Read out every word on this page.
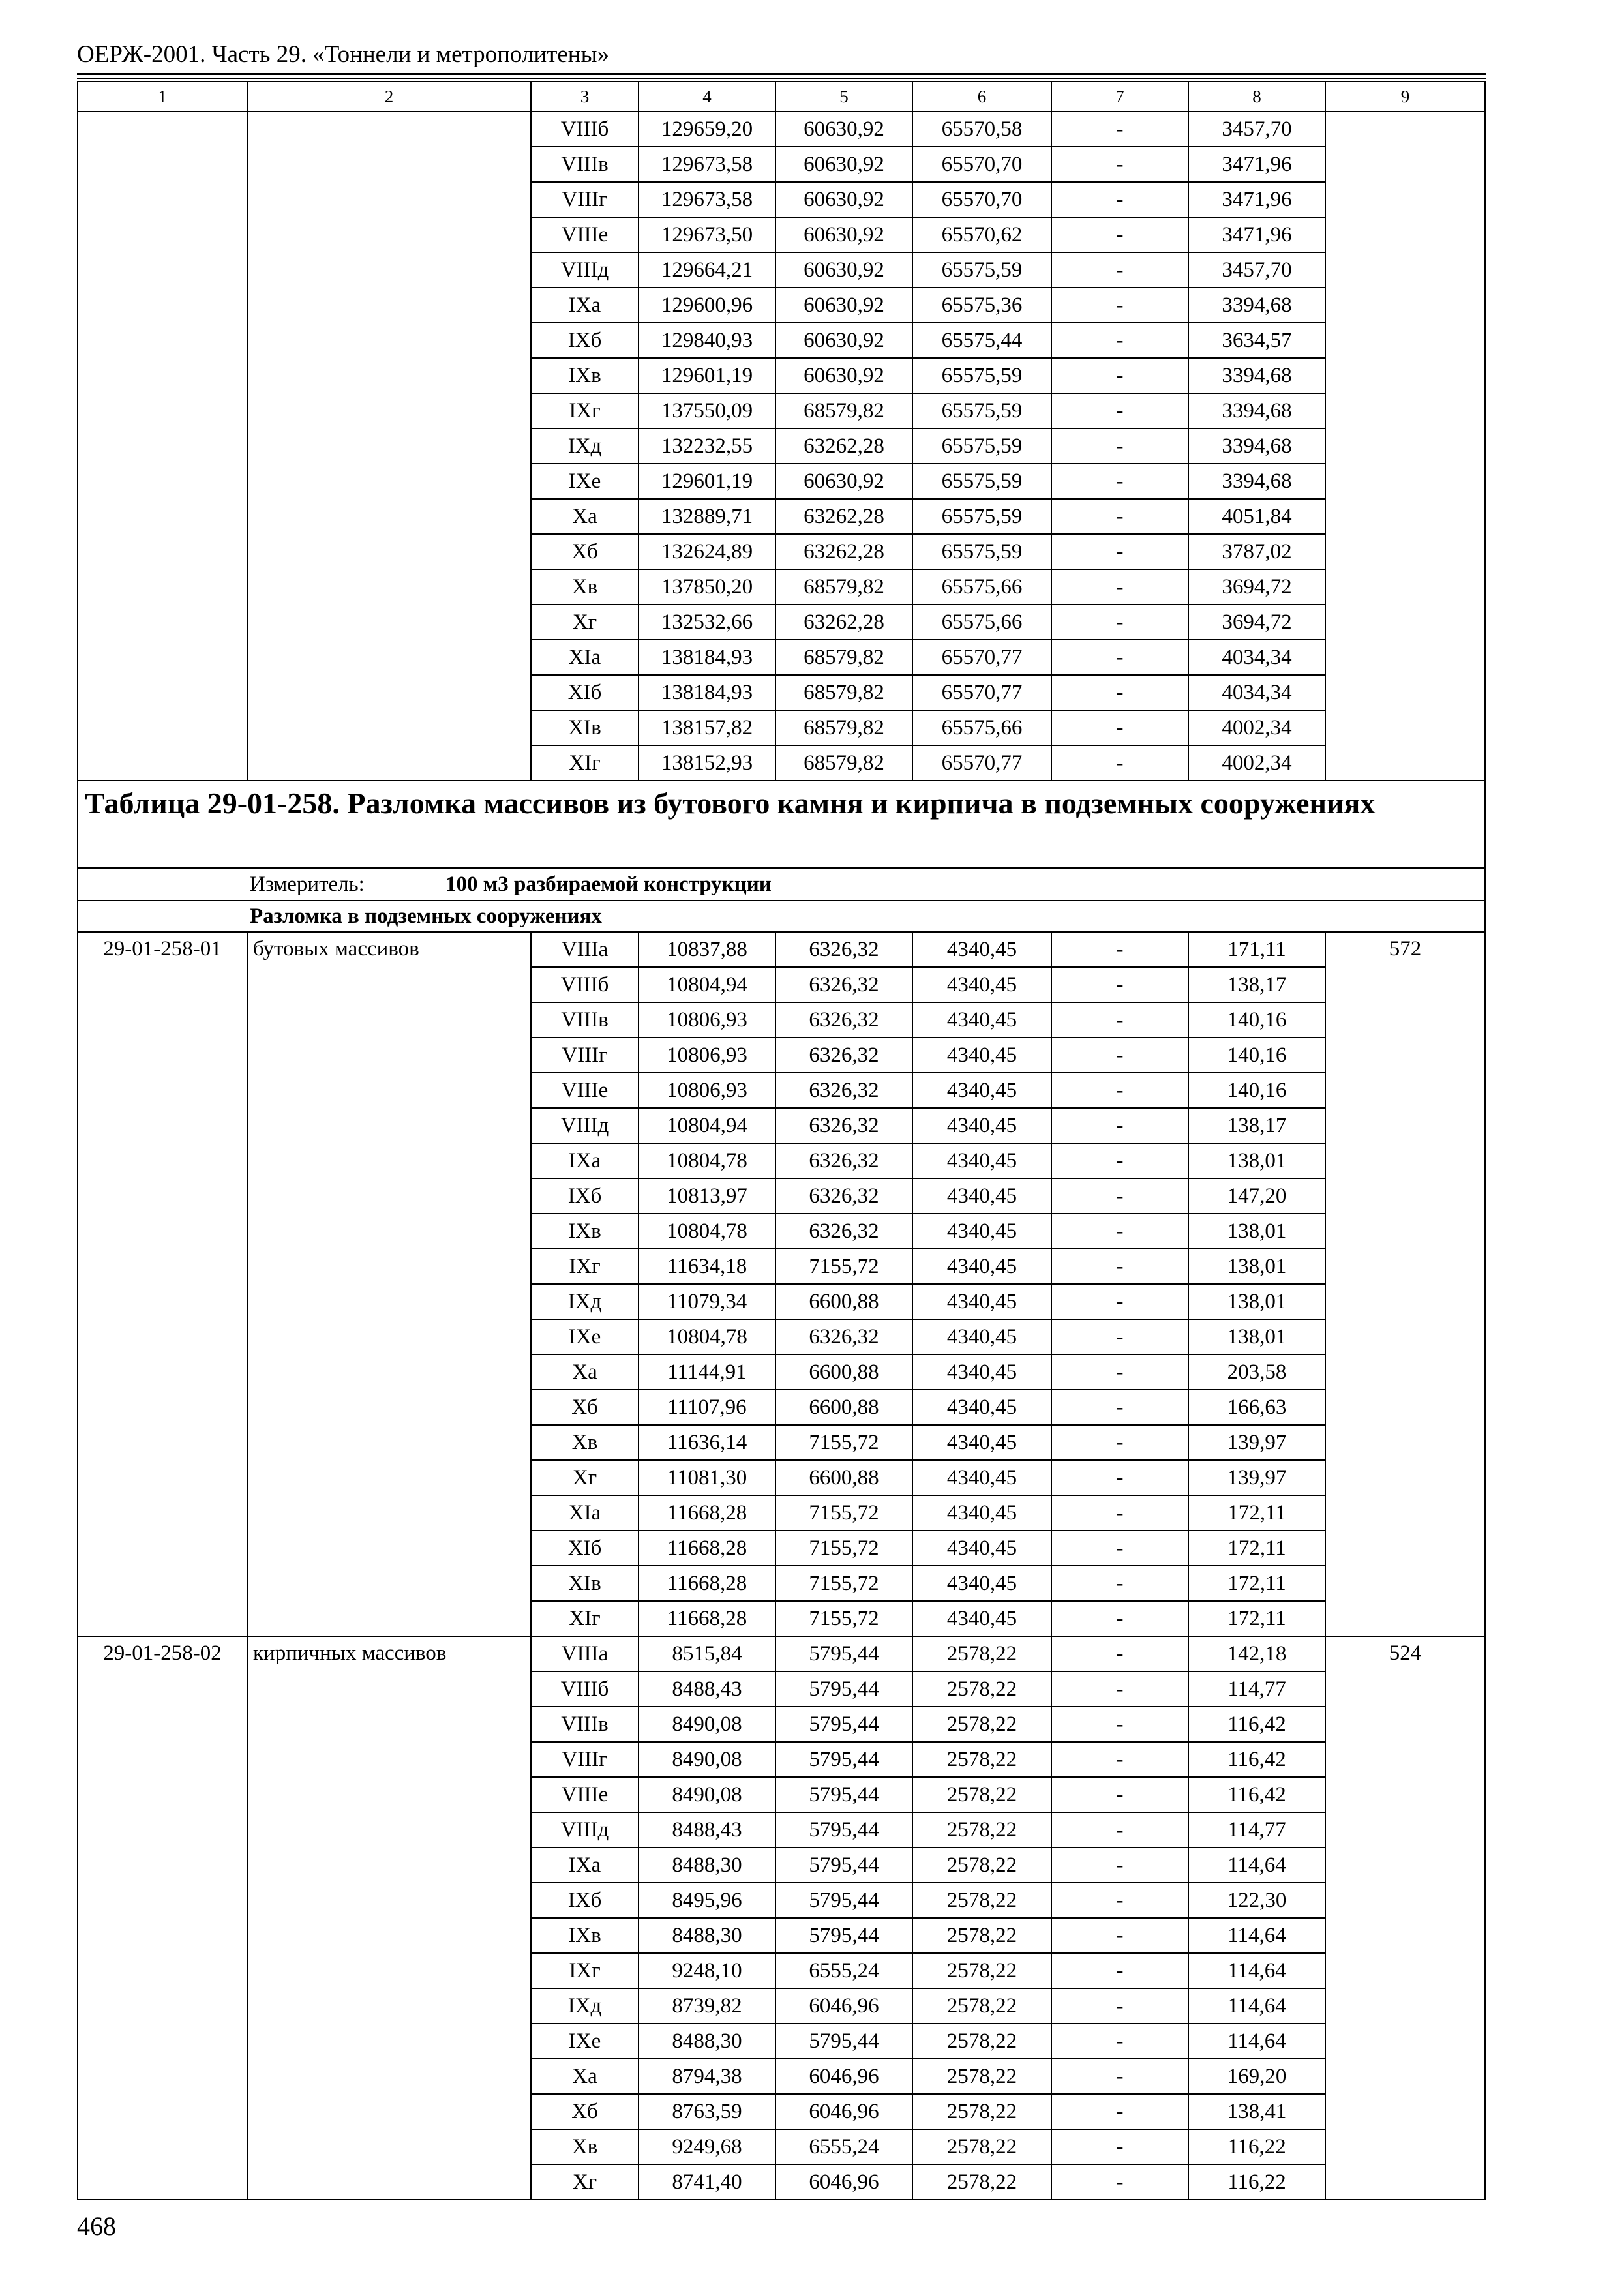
ОЕРЖ-2001. Часть 29. «Тоннели и метрополитены»
1	2	3	4	5	6	7	8	9
		VIIIб	129659,20	60630,92	65570,58	-	3457,70	
		VIIIв	129673,58	60630,92	65570,70	-	3471,96	
		VIIIг	129673,58	60630,92	65570,70	-	3471,96	
		VIIIе	129673,50	60630,92	65570,62	-	3471,96	
		VIIIд	129664,21	60630,92	65575,59	-	3457,70	
		IXа	129600,96	60630,92	65575,36	-	3394,68	
		IXб	129840,93	60630,92	65575,44	-	3634,57	
		IXв	129601,19	60630,92	65575,59	-	3394,68	
		IXг	137550,09	68579,82	65575,59	-	3394,68	
		IXд	132232,55	63262,28	65575,59	-	3394,68	
		IXе	129601,19	60630,92	65575,59	-	3394,68	
		Xа	132889,71	63262,28	65575,59	-	4051,84	
		Xб	132624,89	63262,28	65575,59	-	3787,02	
		Xв	137850,20	68579,82	65575,66	-	3694,72	
		Xг	132532,66	63262,28	65575,66	-	3694,72	
		XIа	138184,93	68579,82	65570,77	-	4034,34	
		XIб	138184,93	68579,82	65570,77	-	4034,34	
		XIв	138157,82	68579,82	65575,66	-	4002,34	
		XIг	138152,93	68579,82	65570,77	-	4002,34	
Таблица 29-01-258. Разломка массивов из бутового камня и кирпича в подземных сооружениях								
Измеритель: 100 м3 разбираемой конструкции								
Разломка в подземных сооружениях								
29-01-258-01	бутовых массивов	VIIIа	10837,88	6326,32	4340,45	-	171,11	572
		VIIIб	10804,94	6326,32	4340,45	-	138,17	
		VIIIв	10806,93	6326,32	4340,45	-	140,16	
		VIIIг	10806,93	6326,32	4340,45	-	140,16	
		VIIIе	10806,93	6326,32	4340,45	-	140,16	
		VIIIд	10804,94	6326,32	4340,45	-	138,17	
		IXа	10804,78	6326,32	4340,45	-	138,01	
		IXб	10813,97	6326,32	4340,45	-	147,20	
		IXв	10804,78	6326,32	4340,45	-	138,01	
		IXг	11634,18	7155,72	4340,45	-	138,01	
		IXд	11079,34	6600,88	4340,45	-	138,01	
		IXе	10804,78	6326,32	4340,45	-	138,01	
		Xа	11144,91	6600,88	4340,45	-	203,58	
		Xб	11107,96	6600,88	4340,45	-	166,63	
		Xв	11636,14	7155,72	4340,45	-	139,97	
		Xг	11081,30	6600,88	4340,45	-	139,97	
		XIа	11668,28	7155,72	4340,45	-	172,11	
		XIб	11668,28	7155,72	4340,45	-	172,11	
		XIв	11668,28	7155,72	4340,45	-	172,11	
		XIг	11668,28	7155,72	4340,45	-	172,11	
29-01-258-02	кирпичных массивов	VIIIа	8515,84	5795,44	2578,22	-	142,18	524
		VIIIб	8488,43	5795,44	2578,22	-	114,77	
		VIIIв	8490,08	5795,44	2578,22	-	116,42	
		VIIIг	8490,08	5795,44	2578,22	-	116,42	
		VIIIе	8490,08	5795,44	2578,22	-	116,42	
		VIIIд	8488,43	5795,44	2578,22	-	114,77	
		IXа	8488,30	5795,44	2578,22	-	114,64	
		IXб	8495,96	5795,44	2578,22	-	122,30	
		IXв	8488,30	5795,44	2578,22	-	114,64	
		IXг	9248,10	6555,24	2578,22	-	114,64	
		IXд	8739,82	6046,96	2578,22	-	114,64	
		IXе	8488,30	5795,44	2578,22	-	114,64	
		Xа	8794,38	6046,96	2578,22	-	169,20	
		Xб	8763,59	6046,96	2578,22	-	138,41	
		Xв	9249,68	6555,24	2578,22	-	116,22	
		Xг	8741,40	6046,96	2578,22	-	116,22	
468
